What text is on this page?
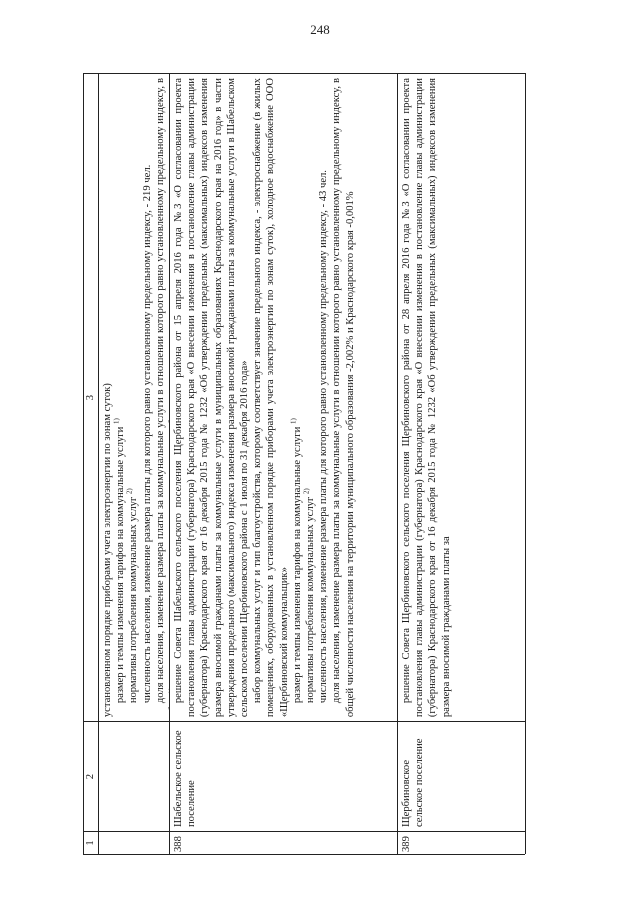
248
1
2
3 установленном порядке приборами учета электроэнергии по зонам суток) размер и темпы изменения тарифов на коммунальные услуги $^{1)}$

нормативы потребления коммунальных услуг $^{2)}$ численность населения, изменение размера платы для которого равно установленному предельному индексу, - 219 чел. доля населения, изменение размера платы за коммунальные услуги в отношении которого равно установленному предельному индексу, в

388
Шабельское сельское поселение

решение Совета Шабельского сельского поселения Щербиновского района от 15 апреля 2016 года №3 «О согласовании проекта постановления главы администрации (губернатора) Краснодарского края «О внесении изменения в постановление главы администрации (губернатора) Краснодарского края от 16 декабря 2015 года № 1232 «Об утверждении предельных (максимальных) индексов изменения размера вносимой гражданами платы за коммунальные услуги в муниципальных образованиях Краснодарского края на 2016 год» в части утверждения предельного (максимального) индекса изменения размера вносимой гражданами платы за коммунальные услуги в Шабельском сельском поселении Щербиновского района с 1 июля по 31 декабря 2016 года» набор коммунальных услуг и тип благоустройства, которому соответствует значение предельного индекса, - электроснабжение (в жилых помещениях, оборудованных в установленном порядке приборами учета электроэнергии по зонам суток), холодное водоснабжение ООО «Щербиновский коммунальщик» размер и темпы изменения тарифов на коммунальные услуги $^{1)}$

нормативы потребления коммунальных услуг $^{2)}$ численность населения, изменение размера платы для которого равно установленному предельному индексу, - 43 чел. доля населения, изменение размера платы за коммунальные услуги в отношении которого равно установленному предельному индексу, в общей численности населения на территории муниципального образования -2,002% и Краснодарского края -0,001%

389
Щербиновское сельское поселение

решение Совета Щербиновского сельского поселения Щербиновского района от 28 апреля 2016 года №3 «О согласовании проекта постановления главы администрации (губернатора) Краснодарского края «О внесении изменения в постановление главы администрации (губернатора) Краснодарского края от 16 декабря 2015 года № 1232 «Об утверждении предельных (максимальных) индексов изменения размера вносимой гражданами платы за
